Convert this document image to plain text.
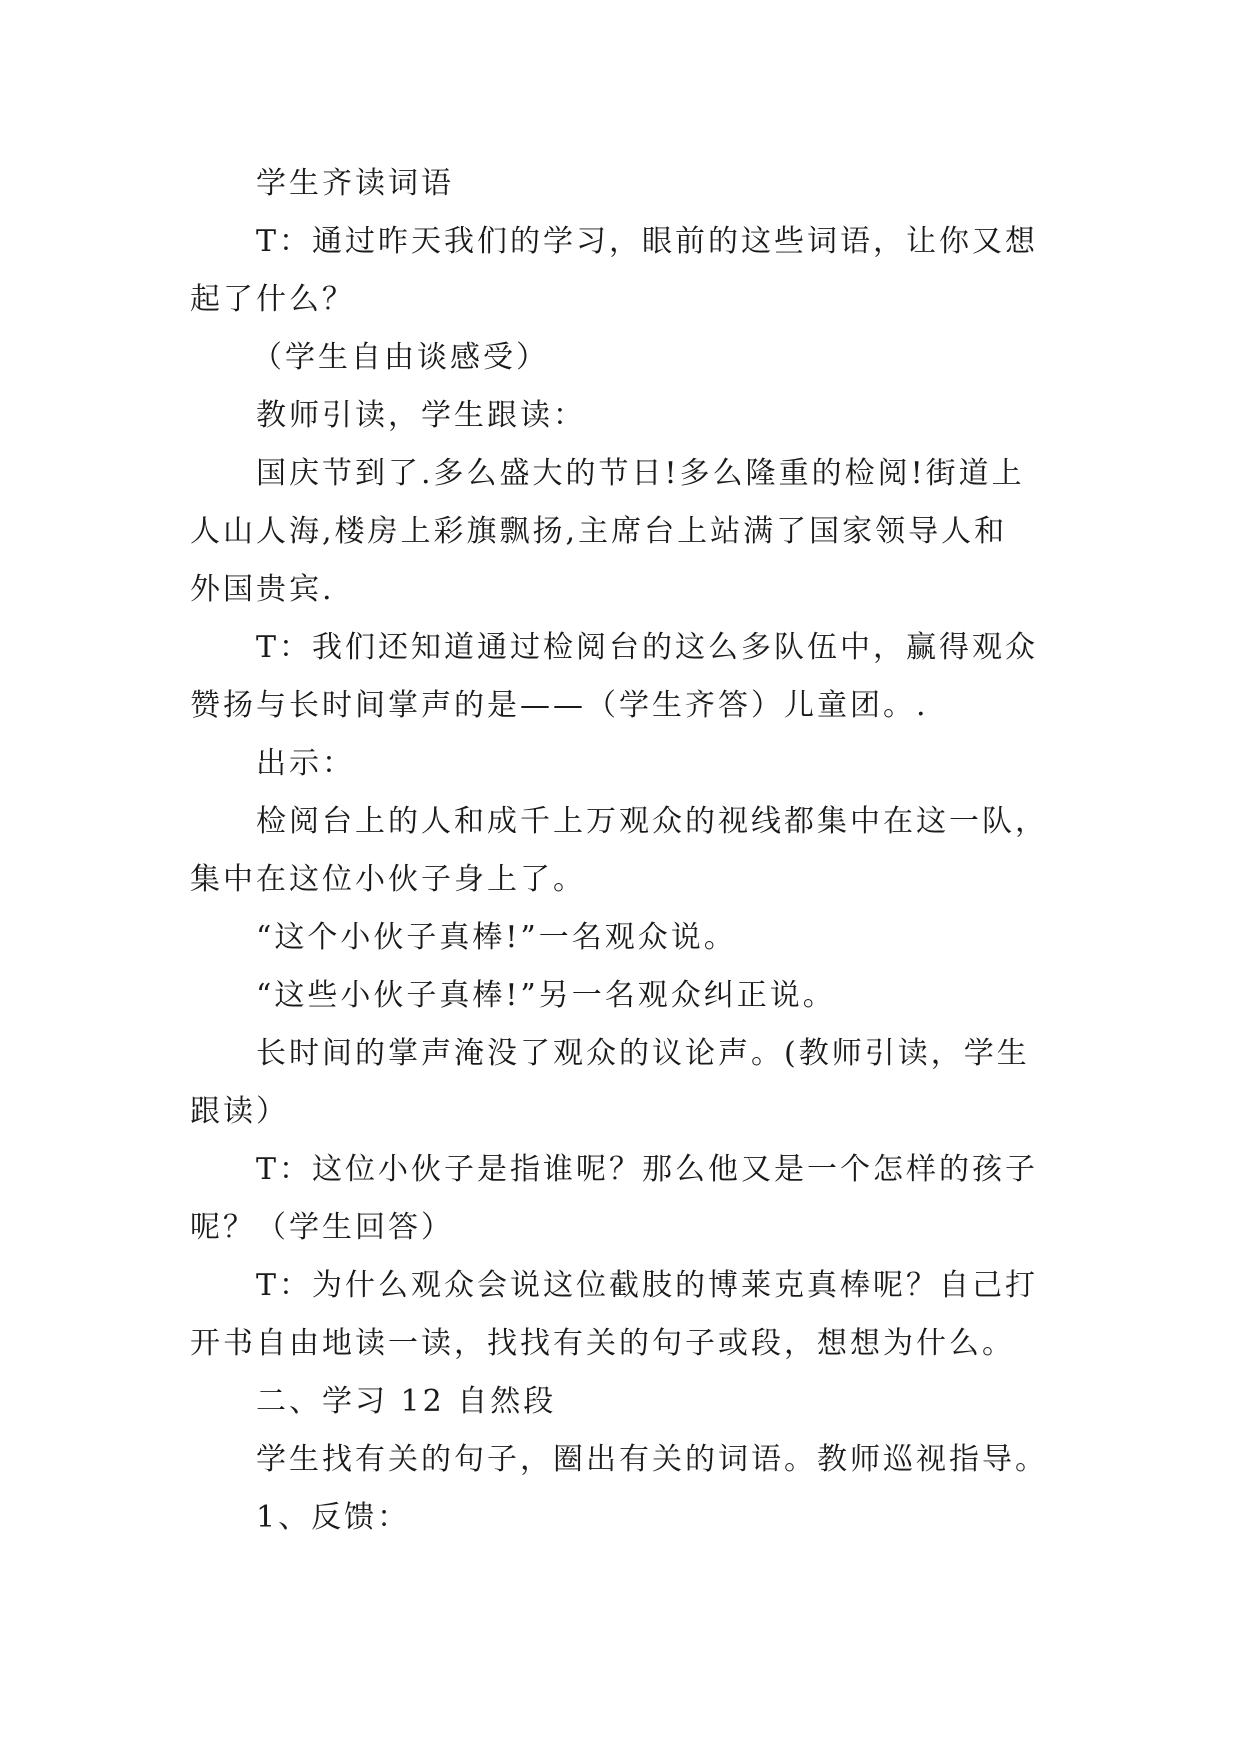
学生齐读词语
T：通过昨天我们的学习，眼前的这些词语，让你又想
起了什么？
（学生自由谈感受）
教师引读，学生跟读：
国庆节到了.多么盛大的节日!多么隆重的检阅!街道上
人山人海,楼房上彩旗飘扬,主席台上站满了国家领导人和
外国贵宾.
T：我们还知道通过检阅台的这么多队伍中，赢得观众
赞扬与长时间掌声的是——（学生齐答）儿童团。.
出示：
检阅台上的人和成千上万观众的视线都集中在这一队，
集中在这位小伙子身上了。
“这个小伙子真棒!”一名观众说。
“这些小伙子真棒!”另一名观众纠正说。
长时间的掌声淹没了观众的议论声。(教师引读，学生
跟读）
T：这位小伙子是指谁呢？那么他又是一个怎样的孩子
呢？（学生回答）
T：为什么观众会说这位截肢的博莱克真棒呢？自己打
开书自由地读一读，找找有关的句子或段，想想为什么。
二、学习 12 自然段
学生找有关的句子，圈出有关的词语。教师巡视指导。
1、反馈：
